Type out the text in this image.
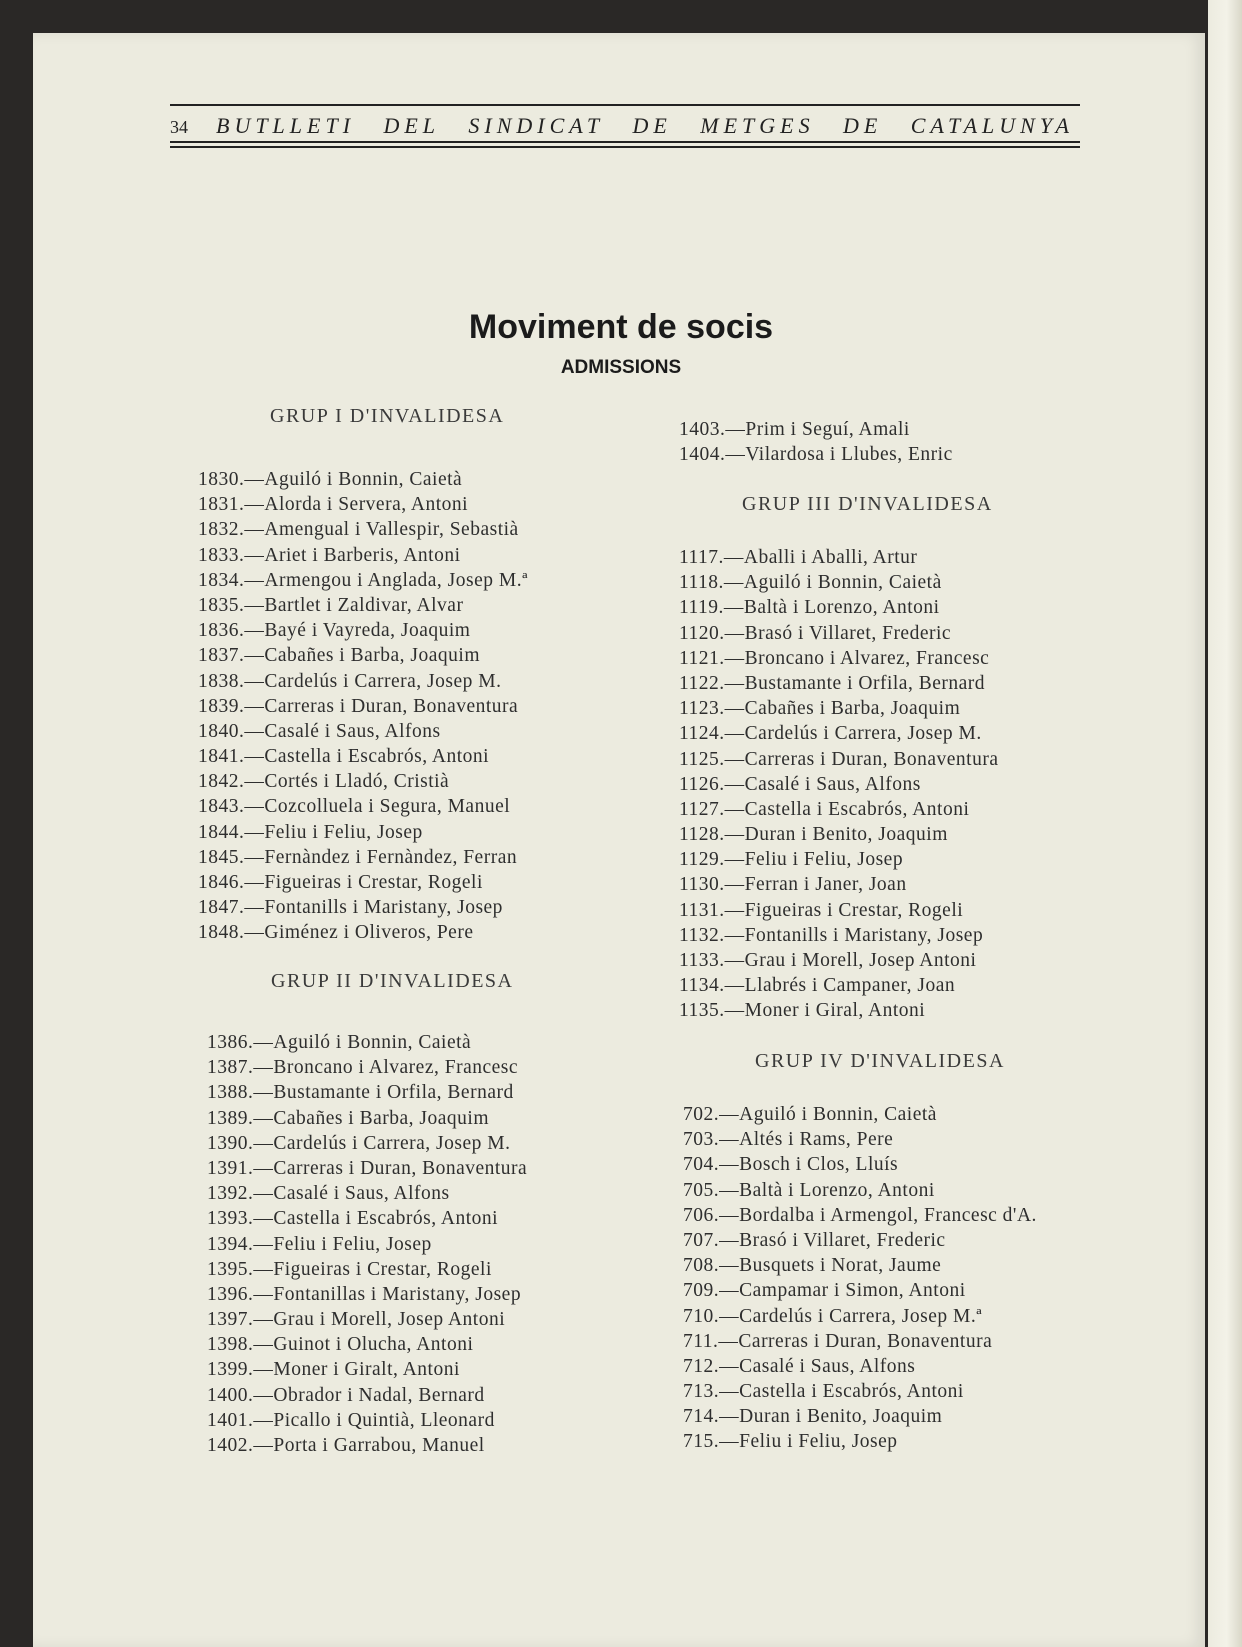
34 BUTLLETI DEL SINDICAT DE METGES DE CATALUNYA
Moviment de socis
ADMISSIONS
GRUP I D'INVALIDESA
1830.—Aguiló i Bonnin, Caietà
1831.—Alorda i Servera, Antoni
1832.—Amengual i Vallespir, Sebastià
1833.—Ariet i Barberis, Antoni
1834.—Armengou i Anglada, Josep M.ª
1835.—Bartlet i Zaldivar, Alvar
1836.—Bayé i Vayreda, Joaquim
1837.—Cabañes i Barba, Joaquim
1838.—Cardelús i Carrera, Josep M.
1839.—Carreras i Duran, Bonaventura
1840.—Casalé i Saus, Alfons
1841.—Castella i Escabrós, Antoni
1842.—Cortés i Lladó, Cristià
1843.—Cozcolluela i Segura, Manuel
1844.—Feliu i Feliu, Josep
1845.—Fernàndez i Fernàndez, Ferran
1846.—Figueiras i Crestar, Rogeli
1847.—Fontanills i Maristany, Josep
1848.—Giménez i Oliveros, Pere
GRUP II D'INVALIDESA
1386.—Aguiló i Bonnin, Caietà
1387.—Broncano i Alvarez, Francesc
1388.—Bustamante i Orfila, Bernard
1389.—Cabañes i Barba, Joaquim
1390.—Cardelús i Carrera, Josep M.
1391.—Carreras i Duran, Bonaventura
1392.—Casalé i Saus, Alfons
1393.—Castella i Escabrós, Antoni
1394.—Feliu i Feliu, Josep
1395.—Figueiras i Crestar, Rogeli
1396.—Fontanillas i Maristany, Josep
1397.—Grau i Morell, Josep Antoni
1398.—Guinot i Olucha, Antoni
1399.—Moner i Giralt, Antoni
1400.—Obrador i Nadal, Bernard
1401.—Picallo i Quintià, Lleonard
1402.—Porta i Garrabou, Manuel
1403.—Prim i Seguí, Amali
1404.—Vilardosa i Llubes, Enric
GRUP III D'INVALIDESA
1117.—Aballi i Aballi, Artur
1118.—Aguiló i Bonnin, Caietà
1119.—Baltà i Lorenzo, Antoni
1120.—Brasó i Villaret, Frederic
1121.—Broncano i Alvarez, Francesc
1122.—Bustamante i Orfila, Bernard
1123.—Cabañes i Barba, Joaquim
1124.—Cardelús i Carrera, Josep M.
1125.—Carreras i Duran, Bonaventura
1126.—Casalé i Saus, Alfons
1127.—Castella i Escabrós, Antoni
1128.—Duran i Benito, Joaquim
1129.—Feliu i Feliu, Josep
1130.—Ferran i Janer, Joan
1131.—Figueiras i Crestar, Rogeli
1132.—Fontanills i Maristany, Josep
1133.—Grau i Morell, Josep Antoni
1134.—Llabrés i Campaner, Joan
1135.—Moner i Giral, Antoni
GRUP IV D'INVALIDESA
702.—Aguiló i Bonnin, Caietà
703.—Altés i Rams, Pere
704.—Bosch i Clos, Lluís
705.—Baltà i Lorenzo, Antoni
706.—Bordalba i Armengol, Francesc d'A.
707.—Brasó i Villaret, Frederic
708.—Busquets i Norat, Jaume
709.—Campamar i Simon, Antoni
710.—Cardelús i Carrera, Josep M.ª
711.—Carreras i Duran, Bonaventura
712.—Casalé i Saus, Alfons
713.—Castella i Escabrós, Antoni
714.—Duran i Benito, Joaquim
715.—Feliu i Feliu, Josep
